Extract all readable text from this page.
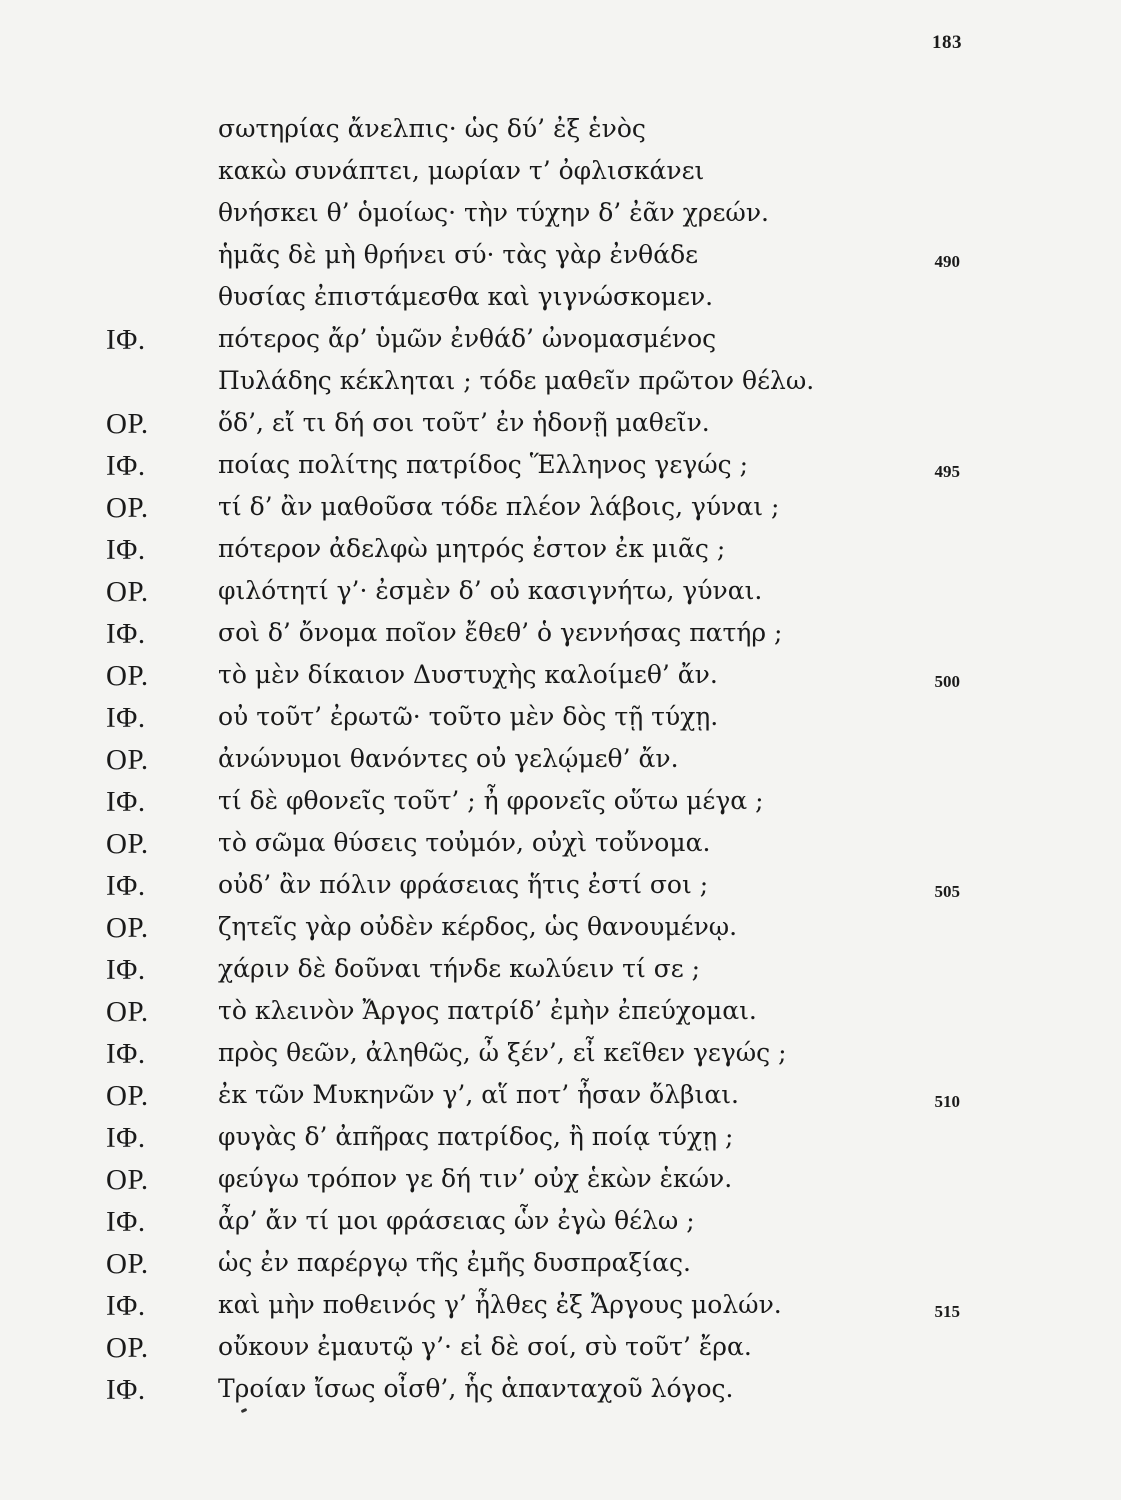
183
σωτηρίας ἄνελπις· ὡς δύ’ ἐξ ἑνὸς
κακὼ συνάπτει, μωρίαν τ’ ὀφλισκάνει
θνήσκει θ’ ὁμοίως· τὴν τύχην δ’ ἐᾶν χρεών.
ἡμᾶς δὲ μὴ θρήνει σύ· τὰς γὰρ ἐνθάδε	490
θυσίας ἐπιστάμεσθα καὶ γιγνώσκομεν.
ΙΦ.	πότερος ἄρ’ ὑμῶν ἐνθάδ’ ὠνομασμένος
Πυλάδης κέκληται ; τόδε μαθεῖν πρῶτον θέλω.
ΟΡ.	ὅδ’, εἴ τι δή σοι τοῦτ’ ἐν ἡδονῇ μαθεῖν.
ΙΦ.	ποίας πολίτης πατρίδος Ἕλληνος γεγώς ;	495
ΟΡ.	τί δ’ ἂν μαθοῦσα τόδε πλέον λάβοις, γύναι ;
ΙΦ.	πότερον ἀδελφὼ μητρός ἐστον ἐκ μιᾶς ;
ΟΡ.	φιλότητί γ’· ἐσμὲν δ’ οὐ κασιγνήτω, γύναι.
ΙΦ.	σοὶ δ’ ὄνομα ποῖον ἔθεθ’ ὁ γεννήσας πατήρ ;
ΟΡ.	τὸ μὲν δίκαιον Δυστυχὴς καλοίμεθ’ ἄν.	500
ΙΦ.	οὐ τοῦτ’ ἐρωτῶ· τοῦτο μὲν δὸς τῇ τύχῃ.
ΟΡ.	ἀνώνυμοι θανόντες οὐ γελῴμεθ’ ἄν.
ΙΦ.	τί δὲ φθονεῖς τοῦτ’ ; ἦ φρονεῖς οὕτω μέγα ;
ΟΡ.	τὸ σῶμα θύσεις τοὐμόν, οὐχὶ τοὔνομα.
ΙΦ.	οὐδ’ ἂν πόλιν φράσειας ἥτις ἐστί σοι ;	505
ΟΡ.	ζητεῖς γὰρ οὐδὲν κέρδος, ὡς θανουμένῳ.
ΙΦ.	χάριν δὲ δοῦναι τήνδε κωλύειν τί σε ;
ΟΡ.	τὸ κλεινὸν Ἄργος πατρίδ’ ἐμὴν ἐπεύχομαι.
ΙΦ.	πρὸς θεῶν, ἀληθῶς, ὦ ξέν’, εἶ κεῖθεν γεγώς ;
ΟΡ.	ἐκ τῶν Μυκηνῶν γ’, αἵ ποτ’ ἦσαν ὄλβιαι.	510
ΙΦ.	φυγὰς δ’ ἀπῆρας πατρίδος, ἢ ποίᾳ τύχῃ ;
ΟΡ.	φεύγω τρόπον γε δή τιν’ οὐχ ἑκὼν ἑκών.
ΙΦ.	ἆρ’ ἄν τί μοι φράσειας ὧν ἐγὼ θέλω ;
ΟΡ.	ὡς ἐν παρέργῳ τῆς ἐμῆς δυσπραξίας.
ΙΦ.	καὶ μὴν ποθεινός γ’ ἦλθες ἐξ Ἄργους μολών.	515
ΟΡ.	οὔκουν ἐμαυτῷ γ’· εἰ δὲ σοί, σὺ τοῦτ’ ἔρα.
ΙΦ.	Τροίαν ἴσως οἶσθ’, ἧς ἁπανταχοῦ λόγος.
